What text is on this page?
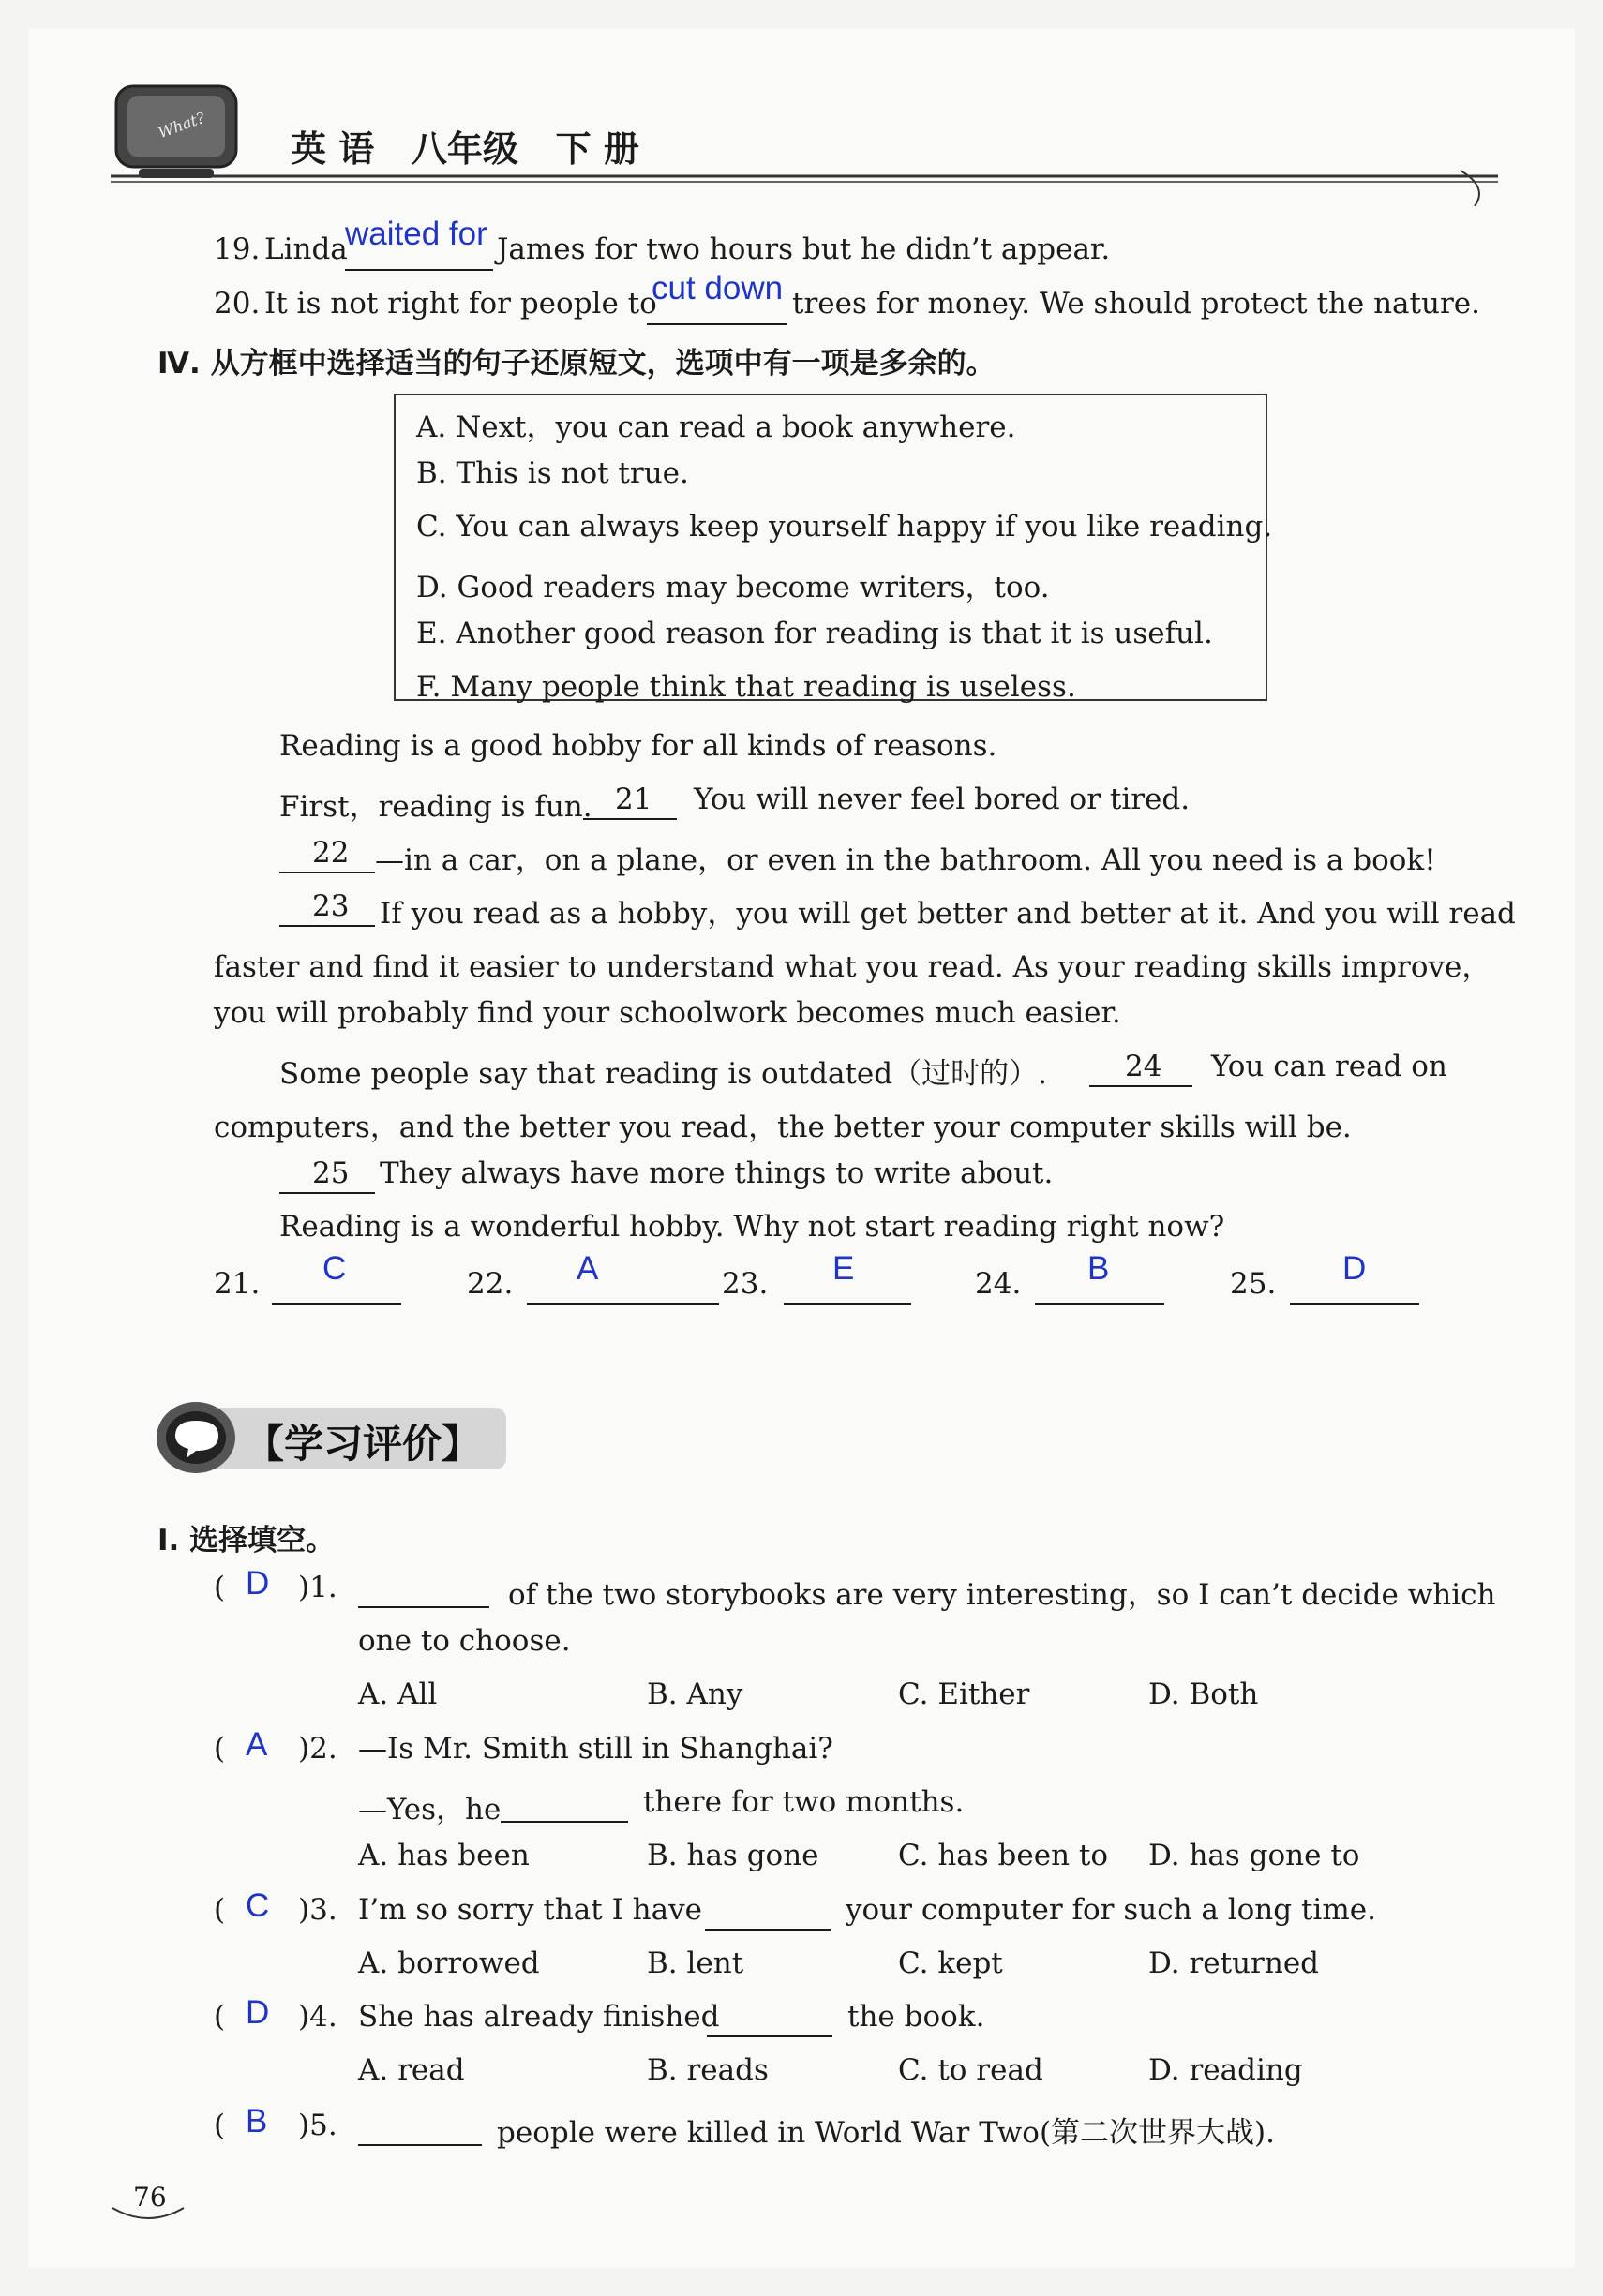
What?
英 语   八年级   下 册
19. Linda
waited for James for two hours but he didn’t appear.
20. It is not right for people to
cut down trees for money. We should protect the nature.
Ⅳ. 从方框中选择适当的句子还原短文，选项中有一项是多余的。
A. Next，you can read a book anywhere.
B. This is not true.
C. You can always keep yourself happy if you like reading.
D. Good readers may become writers，too.
E. Another good reason for reading is that it is useful.
F. Many people think that reading is useless.
Reading is a good hobby for all kinds of reasons.
First，reading is fun. 21 You will never feel bored or tired.
22 —in a car，on a plane，or even in the bathroom. All you need is a book!
23 If you read as a hobby，you will get better and better at it. And you will read
faster and find it easier to understand what you read. As your reading skills improve，
you will probably find your schoolwork becomes much easier.
Some people say that reading is outdated（过时的）.	24 You can read on
computers，and the better you read，the better your computer skills will be.
25 They always have more things to write about.
Reading is a wonderful hobby. Why not start reading right now?
21. C	22. A	23. E	24. B	25. D
【学习评价】
Ⅰ. 选择填空。
( D )1.	of the two storybooks are very interesting，so I can’t decide which
one to choose.
A. All	B. Any	C. Either	D. Both
( A )2. —Is Mr. Smith still in Shanghai?
—Yes，he	there for two months.
A. has been	B. has gone	C. has been to D. has gone to
( C )3. I’m so sorry that I have	your computer for such a long time.
A. borrowed	B. lent	C. kept	D. returned
( D )4. She has already finished	the book.
A. read	B. reads	C. to read	D. reading
( B )5.	people were killed in World War Two(第二次世界大战).
76
